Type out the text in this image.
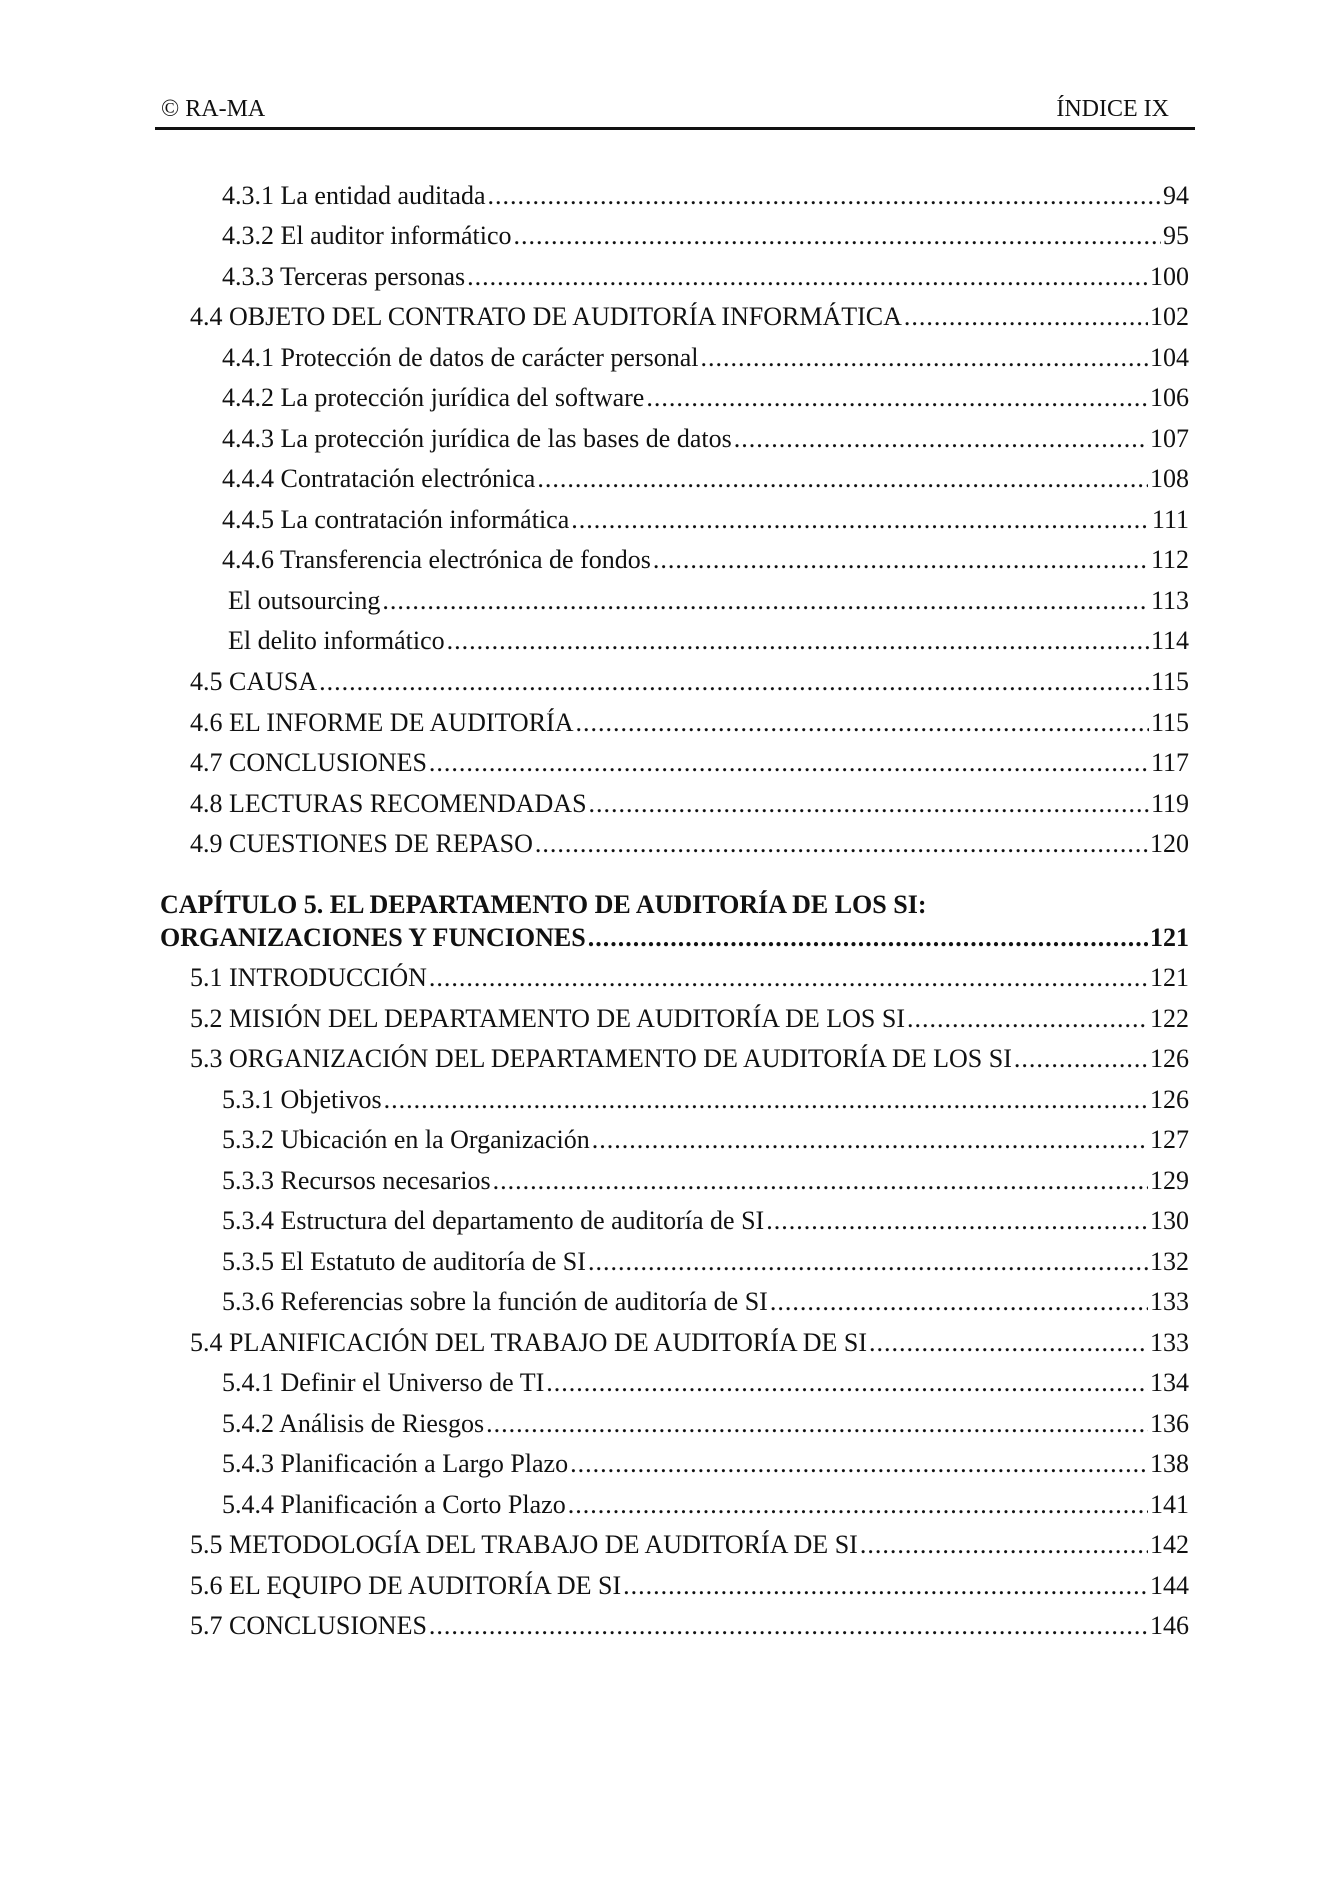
© RA-MA	ÍNDICE IX
4.3.1 La entidad auditada .....	94
4.3.2 El auditor informático .....	95
4.3.3 Terceras personas .....	100
4.4 OBJETO DEL CONTRATO DE AUDITORÍA INFORMÁTICA .....	102
4.4.1 Protección de datos de carácter personal .....	104
4.4.2 La protección jurídica del software .....	106
4.4.3 La protección jurídica de las bases de datos .....	107
4.4.4 Contratación electrónica .....	108
4.4.5 La contratación informática .....	111
4.4.6 Transferencia electrónica de fondos .....	112
El outsourcing .....	113
El delito informático .....	114
4.5 CAUSA .....	115
4.6 EL INFORME DE AUDITORÍA .....	115
4.7 CONCLUSIONES .....	117
4.8 LECTURAS RECOMENDADAS .....	119
4.9 CUESTIONES DE REPASO .....	120
CAPÍTULO 5. EL DEPARTAMENTO DE AUDITORÍA DE LOS SI:
ORGANIZACIONES Y FUNCIONES .....	121
5.1 INTRODUCCIÓN .....	121
5.2 MISIÓN DEL DEPARTAMENTO DE AUDITORÍA DE LOS SI .....	122
5.3 ORGANIZACIÓN DEL DEPARTAMENTO DE AUDITORÍA DE LOS SI .....	126
5.3.1 Objetivos .....	126
5.3.2 Ubicación en la Organización .....	127
5.3.3 Recursos necesarios .....	129
5.3.4 Estructura del departamento de auditoría de SI .....	130
5.3.5 El Estatuto de auditoría de SI .....	132
5.3.6 Referencias sobre la función de auditoría de SI .....	133
5.4 PLANIFICACIÓN DEL TRABAJO DE AUDITORÍA DE SI .....	133
5.4.1 Definir el Universo de TI .....	134
5.4.2 Análisis de Riesgos .....	136
5.4.3 Planificación a Largo Plazo .....	138
5.4.4 Planificación a Corto Plazo .....	141
5.5 METODOLOGÍA DEL TRABAJO DE AUDITORÍA DE SI .....	142
5.6 EL EQUIPO DE AUDITORÍA DE SI .....	144
5.7 CONCLUSIONES .....	146
